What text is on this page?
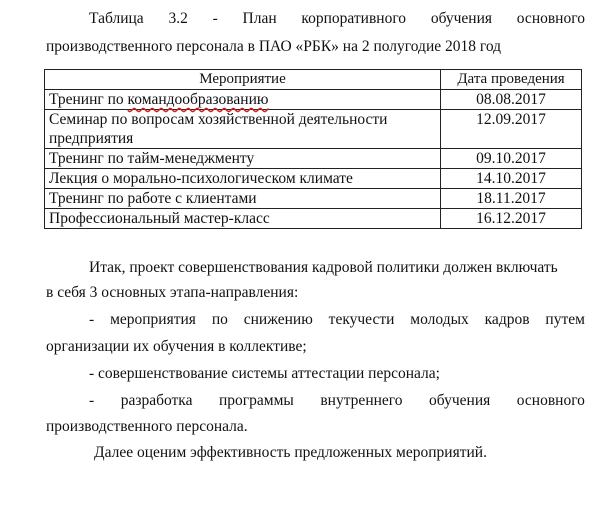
Таблица 3.2 - План корпоративного обучения основного
производственного персонала в ПАО «РБК» на 2 полугодие 2018 год
Мероприятие	Дата проведения
Тренинг по командообразованию	08.08.2017
Семинар по вопросам хозяйственной деятельности
предприятия	12.09.2017
Тренинг по тайм-менеджменту	09.10.2017
Лекция о морально-психологическом климате	14.10.2017
Тренинг по работе с клиентами	18.11.2017
Профессиональный мастер-класс	16.12.2017
Итак, проект совершенствования кадровой политики должен включать
в себя 3 основных этапа-направления:
- мероприятия по снижению текучести молодых кадров путем
организации их обучения в коллективе;
- совершенствование системы аттестации персонала;
- разработка программы внутреннего обучения основного
производственного персонала.
Далее оценим эффективность предложенных мероприятий.
